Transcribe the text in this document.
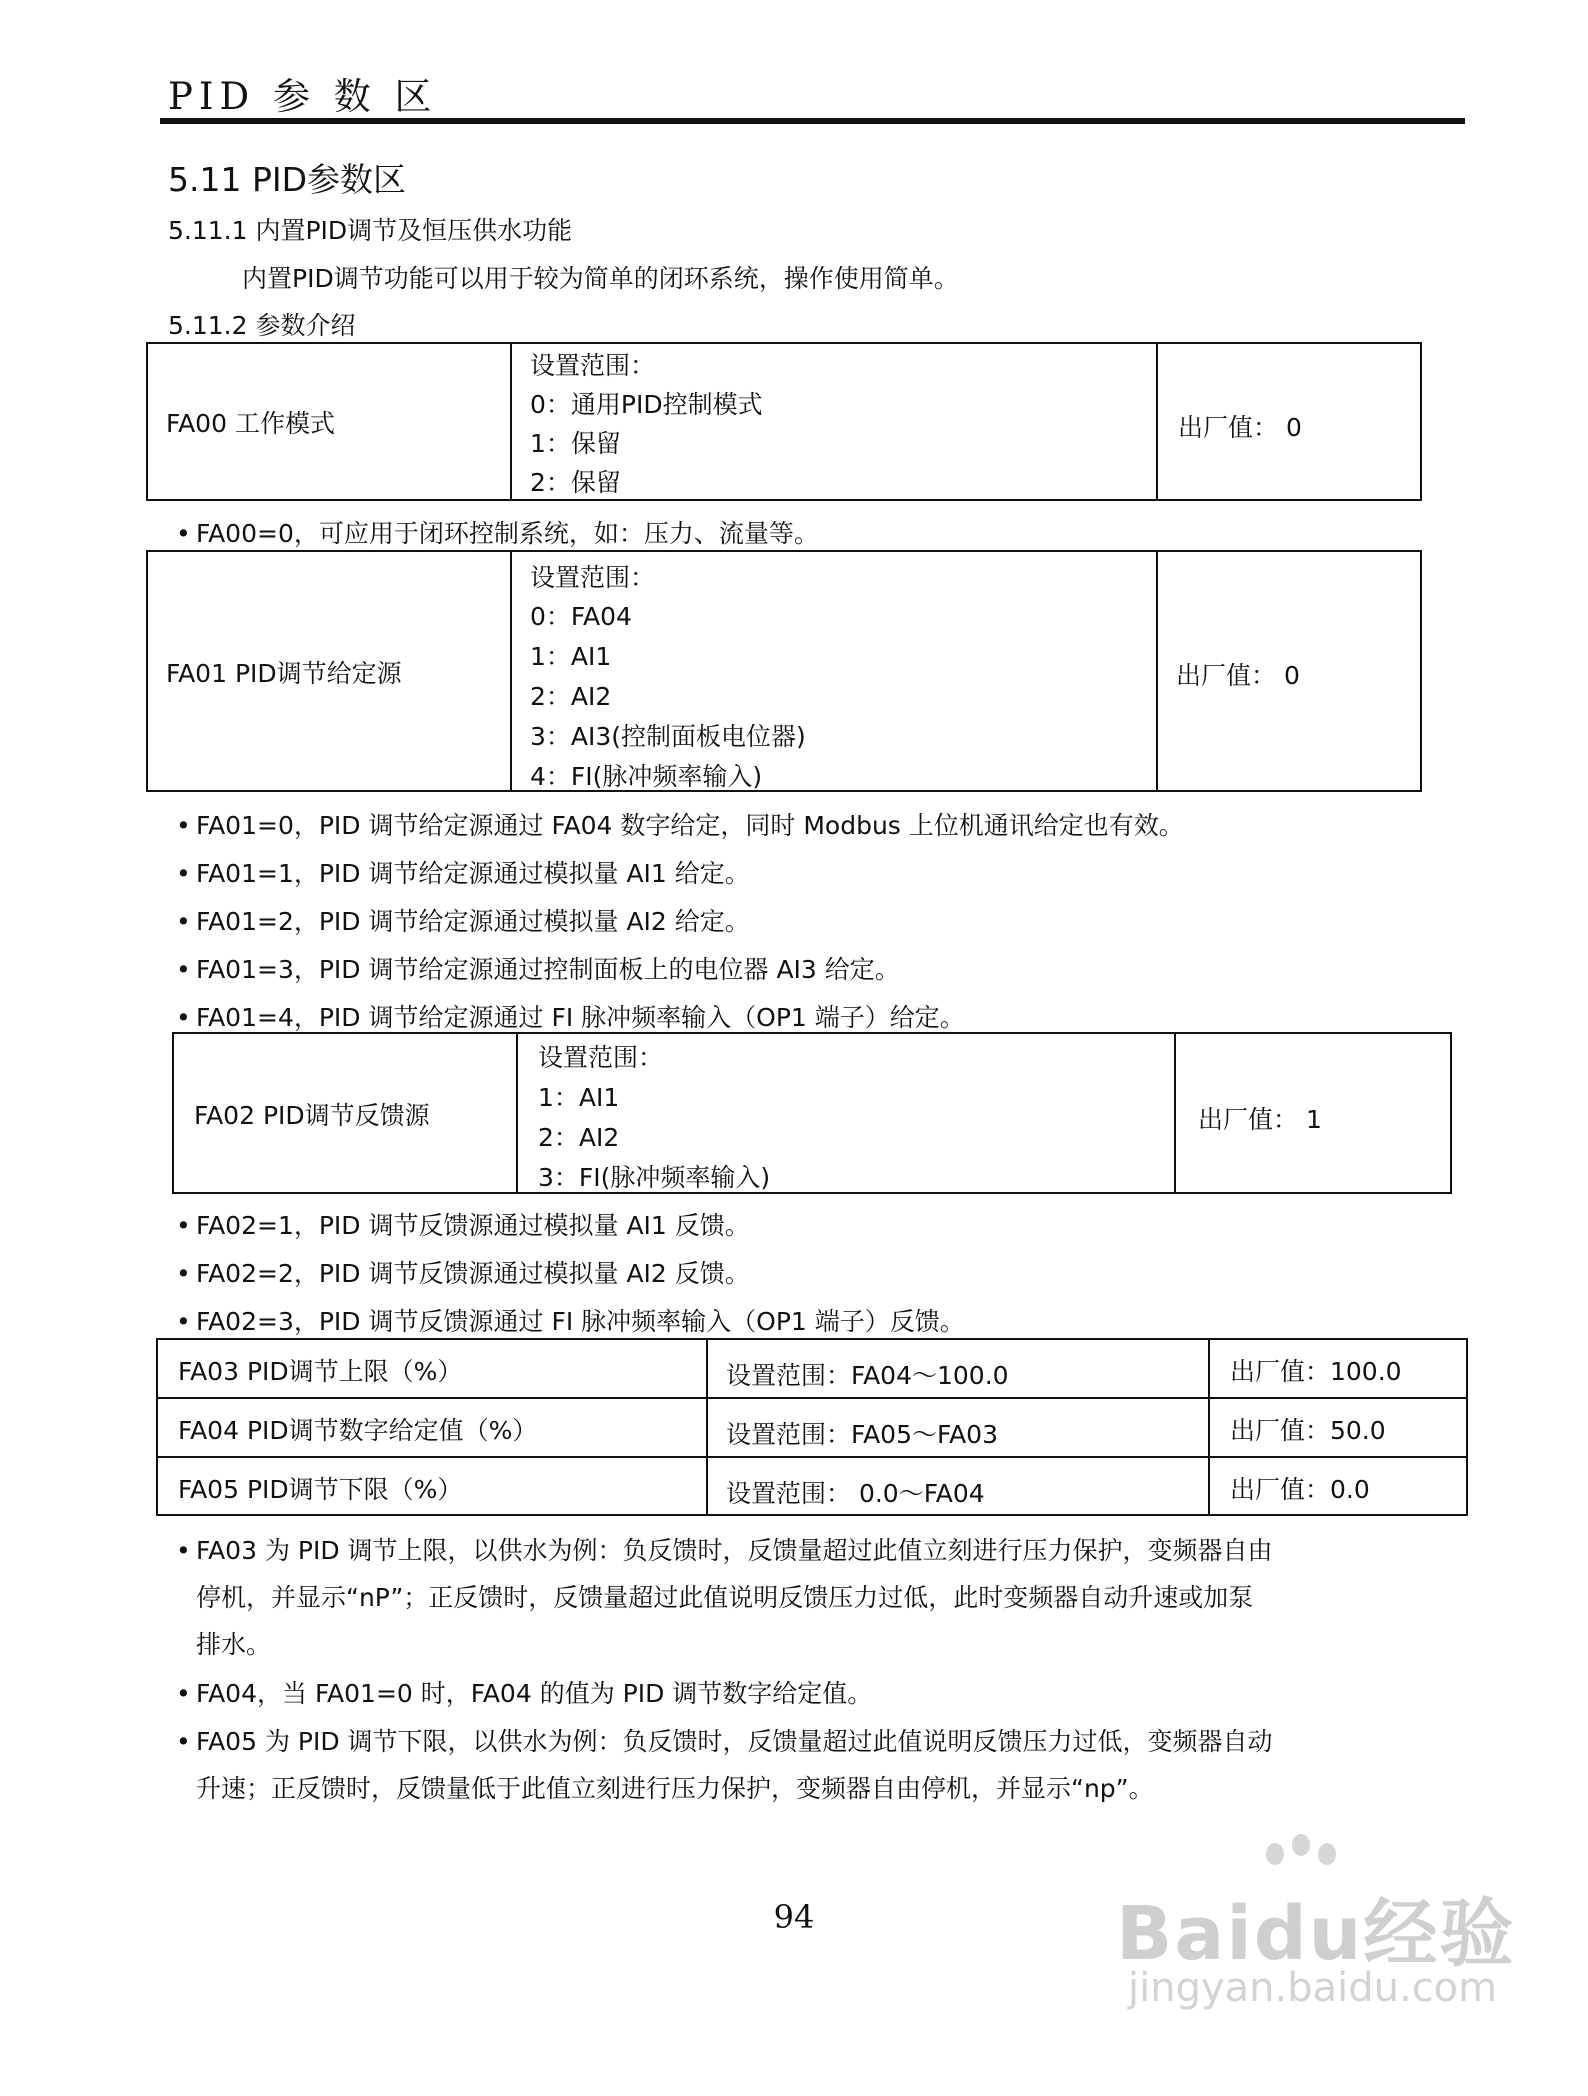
PID 参 数 区
5.11 PID参数区
5.11.1 内置PID调节及恒压供水功能
内置PID调节功能可以用于较为简单的闭环系统，操作使用简单。
5.11.2 参数介绍
FA00 工作模式
设置范围：
0：通用PID控制模式
1：保留
2：保留
出厂值： 0
• FA00=0，可应用于闭环控制系统，如：压力、流量等。
FA01 PID调节给定源
设置范围：
0：FA04
1：AI1
2：AI2
3：AI3(控制面板电位器)
4：FI(脉冲频率输入)
出厂值： 0
• FA01=0，PID 调节给定源通过 FA04 数字给定，同时 Modbus 上位机通讯给定也有效。
• FA01=1，PID 调节给定源通过模拟量 AI1 给定。
• FA01=2，PID 调节给定源通过模拟量 AI2 给定。
• FA01=3，PID 调节给定源通过控制面板上的电位器 AI3 给定。
• FA01=4，PID 调节给定源通过 FI 脉冲频率输入（OP1 端子）给定。
FA02 PID调节反馈源
设置范围：
1：AI1
2：AI2
3：FI(脉冲频率输入)
出厂值： 1
• FA02=1，PID 调节反馈源通过模拟量 AI1 反馈。
• FA02=2，PID 调节反馈源通过模拟量 AI2 反馈。
• FA02=3，PID 调节反馈源通过 FI 脉冲频率输入（OP1 端子）反馈。
FA03 PID调节上限（%）	设置范围：FA04～100.0	出厂值：100.0
FA04 PID调节数字给定值（%）	设置范围：FA05～FA03	出厂值：50.0
FA05 PID调节下限（%）	设置范围： 0.0～FA04	出厂值：0.0
• FA03 为 PID 调节上限，以供水为例：负反馈时，反馈量超过此值立刻进行压力保护，变频器自由
停机，并显示“nP”；正反馈时，反馈量超过此值说明反馈压力过低，此时变频器自动升速或加泵
排水。
• FA04，当 FA01=0 时，FA04 的值为 PID 调节数字给定值。
• FA05 为 PID 调节下限，以供水为例：负反馈时，反馈量超过此值说明反馈压力过低，变频器自动
升速；正反馈时，反馈量低于此值立刻进行压力保护，变频器自由停机，并显示“np”。
94	Baidu经验
jingyan.baidu.com
